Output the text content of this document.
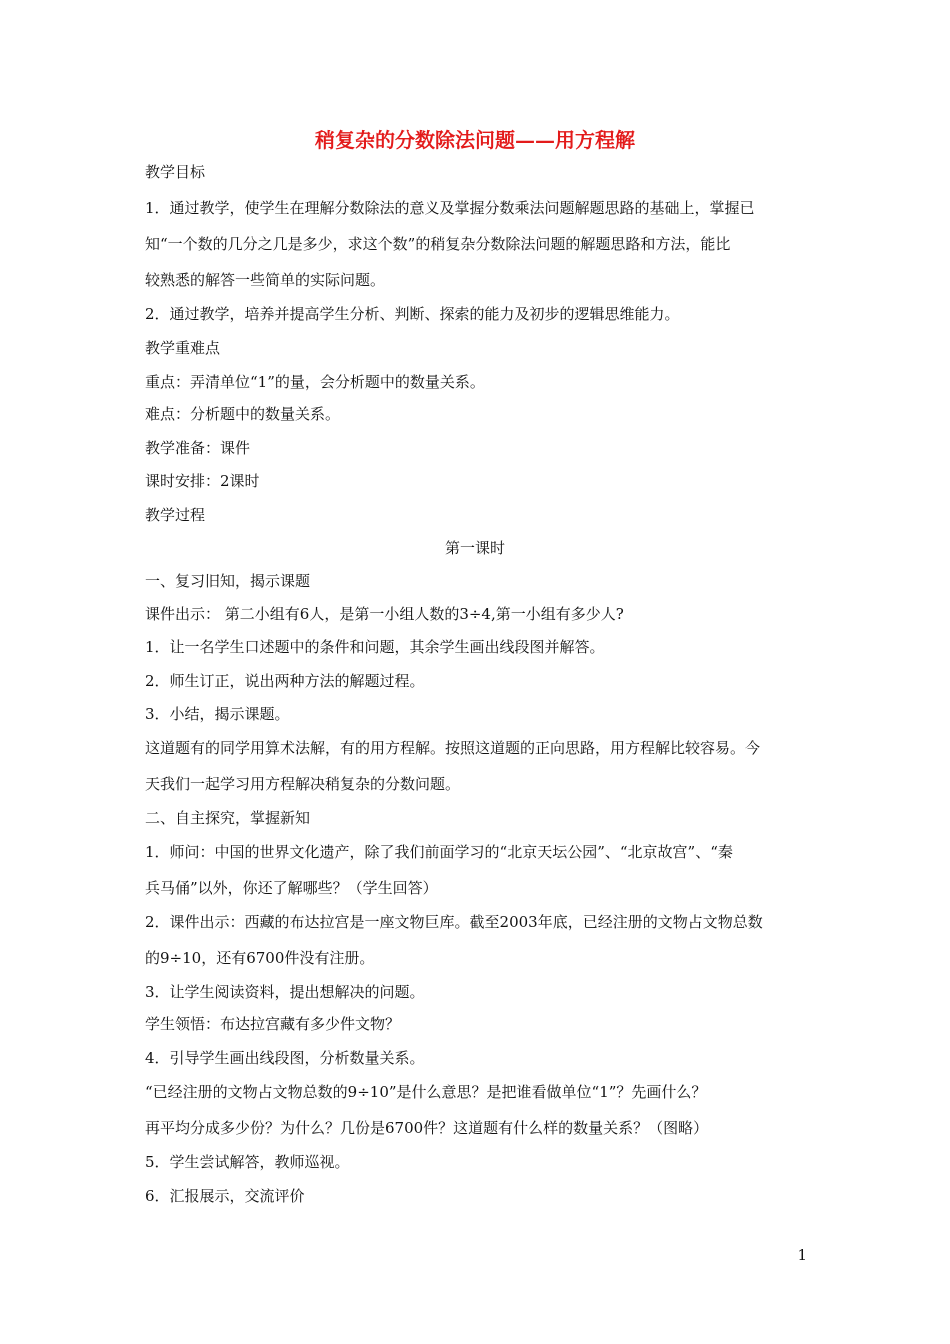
稍复杂的分数除法问题——用方程解
教学目标
1．通过教学，使学生在理解分数除法的意义及掌握分数乘法问题解题思路的基础上，掌握已
知“一个数的几分之几是多少，求这个数”的稍复杂分数除法问题的解题思路和方法，能比
较熟悉的解答一些简单的实际问题。
2．通过教学，培养并提高学生分析、判断、探索的能力及初步的逻辑思维能力。
教学重难点
重点：弄清单位“1”的量，会分析题中的数量关系。
难点：分析题中的数量关系。
教学准备：课件
课时安排：2课时
教学过程
第一课时
一、复习旧知，揭示课题
课件出示： 第二小组有6人，是第一小组人数的3÷4,第一小组有多少人?
1．让一名学生口述题中的条件和问题，其余学生画出线段图并解答。
2．师生订正，说出两种方法的解题过程。
3．小结，揭示课题。
这道题有的同学用算术法解，有的用方程解。按照这道题的正向思路，用方程解比较容易。今
天我们一起学习用方程解决稍复杂的分数问题。
二、自主探究，掌握新知
1．师问：中国的世界文化遗产，除了我们前面学习的“北京天坛公园”、“北京故宫”、“秦
兵马俑”以外，你还了解哪些？（学生回答）
2．课件出示：西藏的布达拉宫是一座文物巨库。截至2003年底，已经注册的文物占文物总数
的9÷10，还有6700件没有注册。
3．让学生阅读资料，提出想解决的问题。
学生领悟：布达拉宫藏有多少件文物？
4．引导学生画出线段图，分析数量关系。
“已经注册的文物占文物总数的9÷10”是什么意思？是把谁看做单位“1”？先画什么？
再平均分成多少份？为什么？几份是6700件？这道题有什么样的数量关系？（图略）
5．学生尝试解答，教师巡视。
6．汇报展示，交流评价
1
